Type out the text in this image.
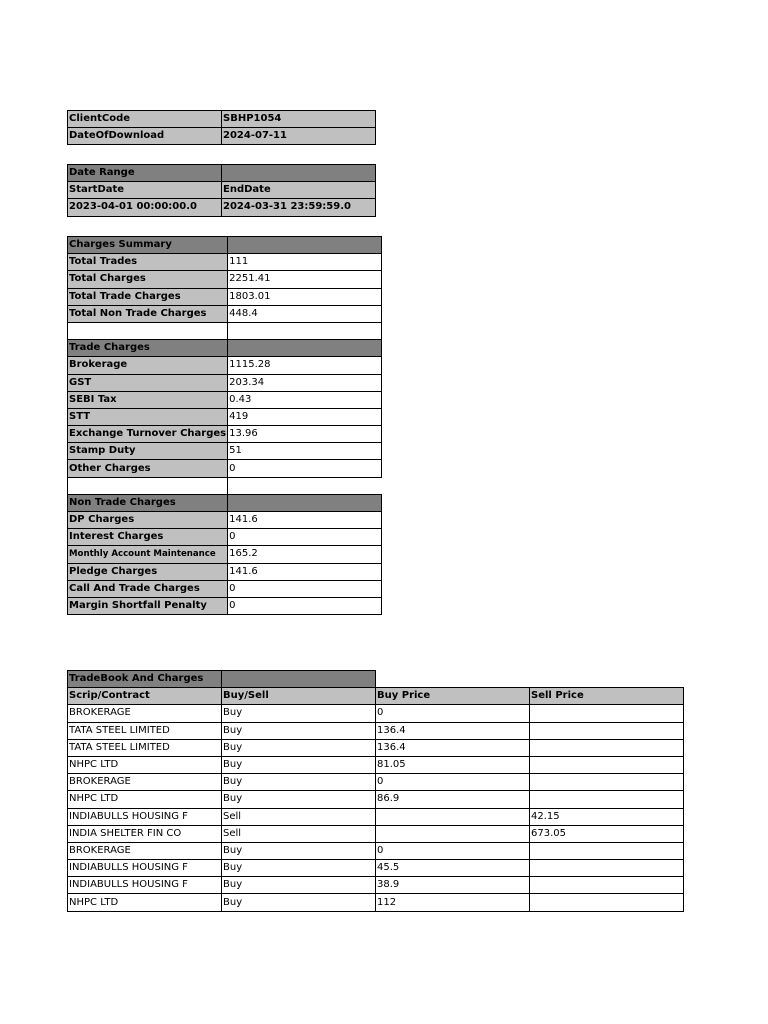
ClientCode	SBHP1054
DateOfDownload	2024-07-11
Date Range	
StartDate	EndDate
2023-04-01 00:00:00.0	2024-03-31 23:59:59.0
Charges Summary	
Total Trades	111
Total Charges	2251.41
Total Trade Charges	1803.01
Total Non Trade Charges	448.4

Trade Charges	
Brokerage	1115.28
GST	203.34
SEBI Tax	0.43
STT	419
Exchange Turnover Charges	13.96
Stamp Duty	51
Other Charges	0

Non Trade Charges	
DP Charges	141.6
Interest Charges	0
Monthly Account Maintenance	165.2
Pledge Charges	141.6
Call And Trade Charges	0
Margin Shortfall Penalty	0
TradeBook And Charges			
Scrip/Contract	Buy/Sell	Buy Price	Sell Price
BROKERAGE	Buy	0	
TATA STEEL LIMITED	Buy	136.4	
TATA STEEL LIMITED	Buy	136.4	
NHPC LTD	Buy	81.05	
BROKERAGE	Buy	0	
NHPC LTD	Buy	86.9	
INDIABULLS HOUSING F	Sell		42.15
INDIA SHELTER FIN CO	Sell		673.05
BROKERAGE	Buy	0	
INDIABULLS HOUSING F	Buy	45.5	
INDIABULLS HOUSING F	Buy	38.9	
NHPC LTD	Buy	112	
